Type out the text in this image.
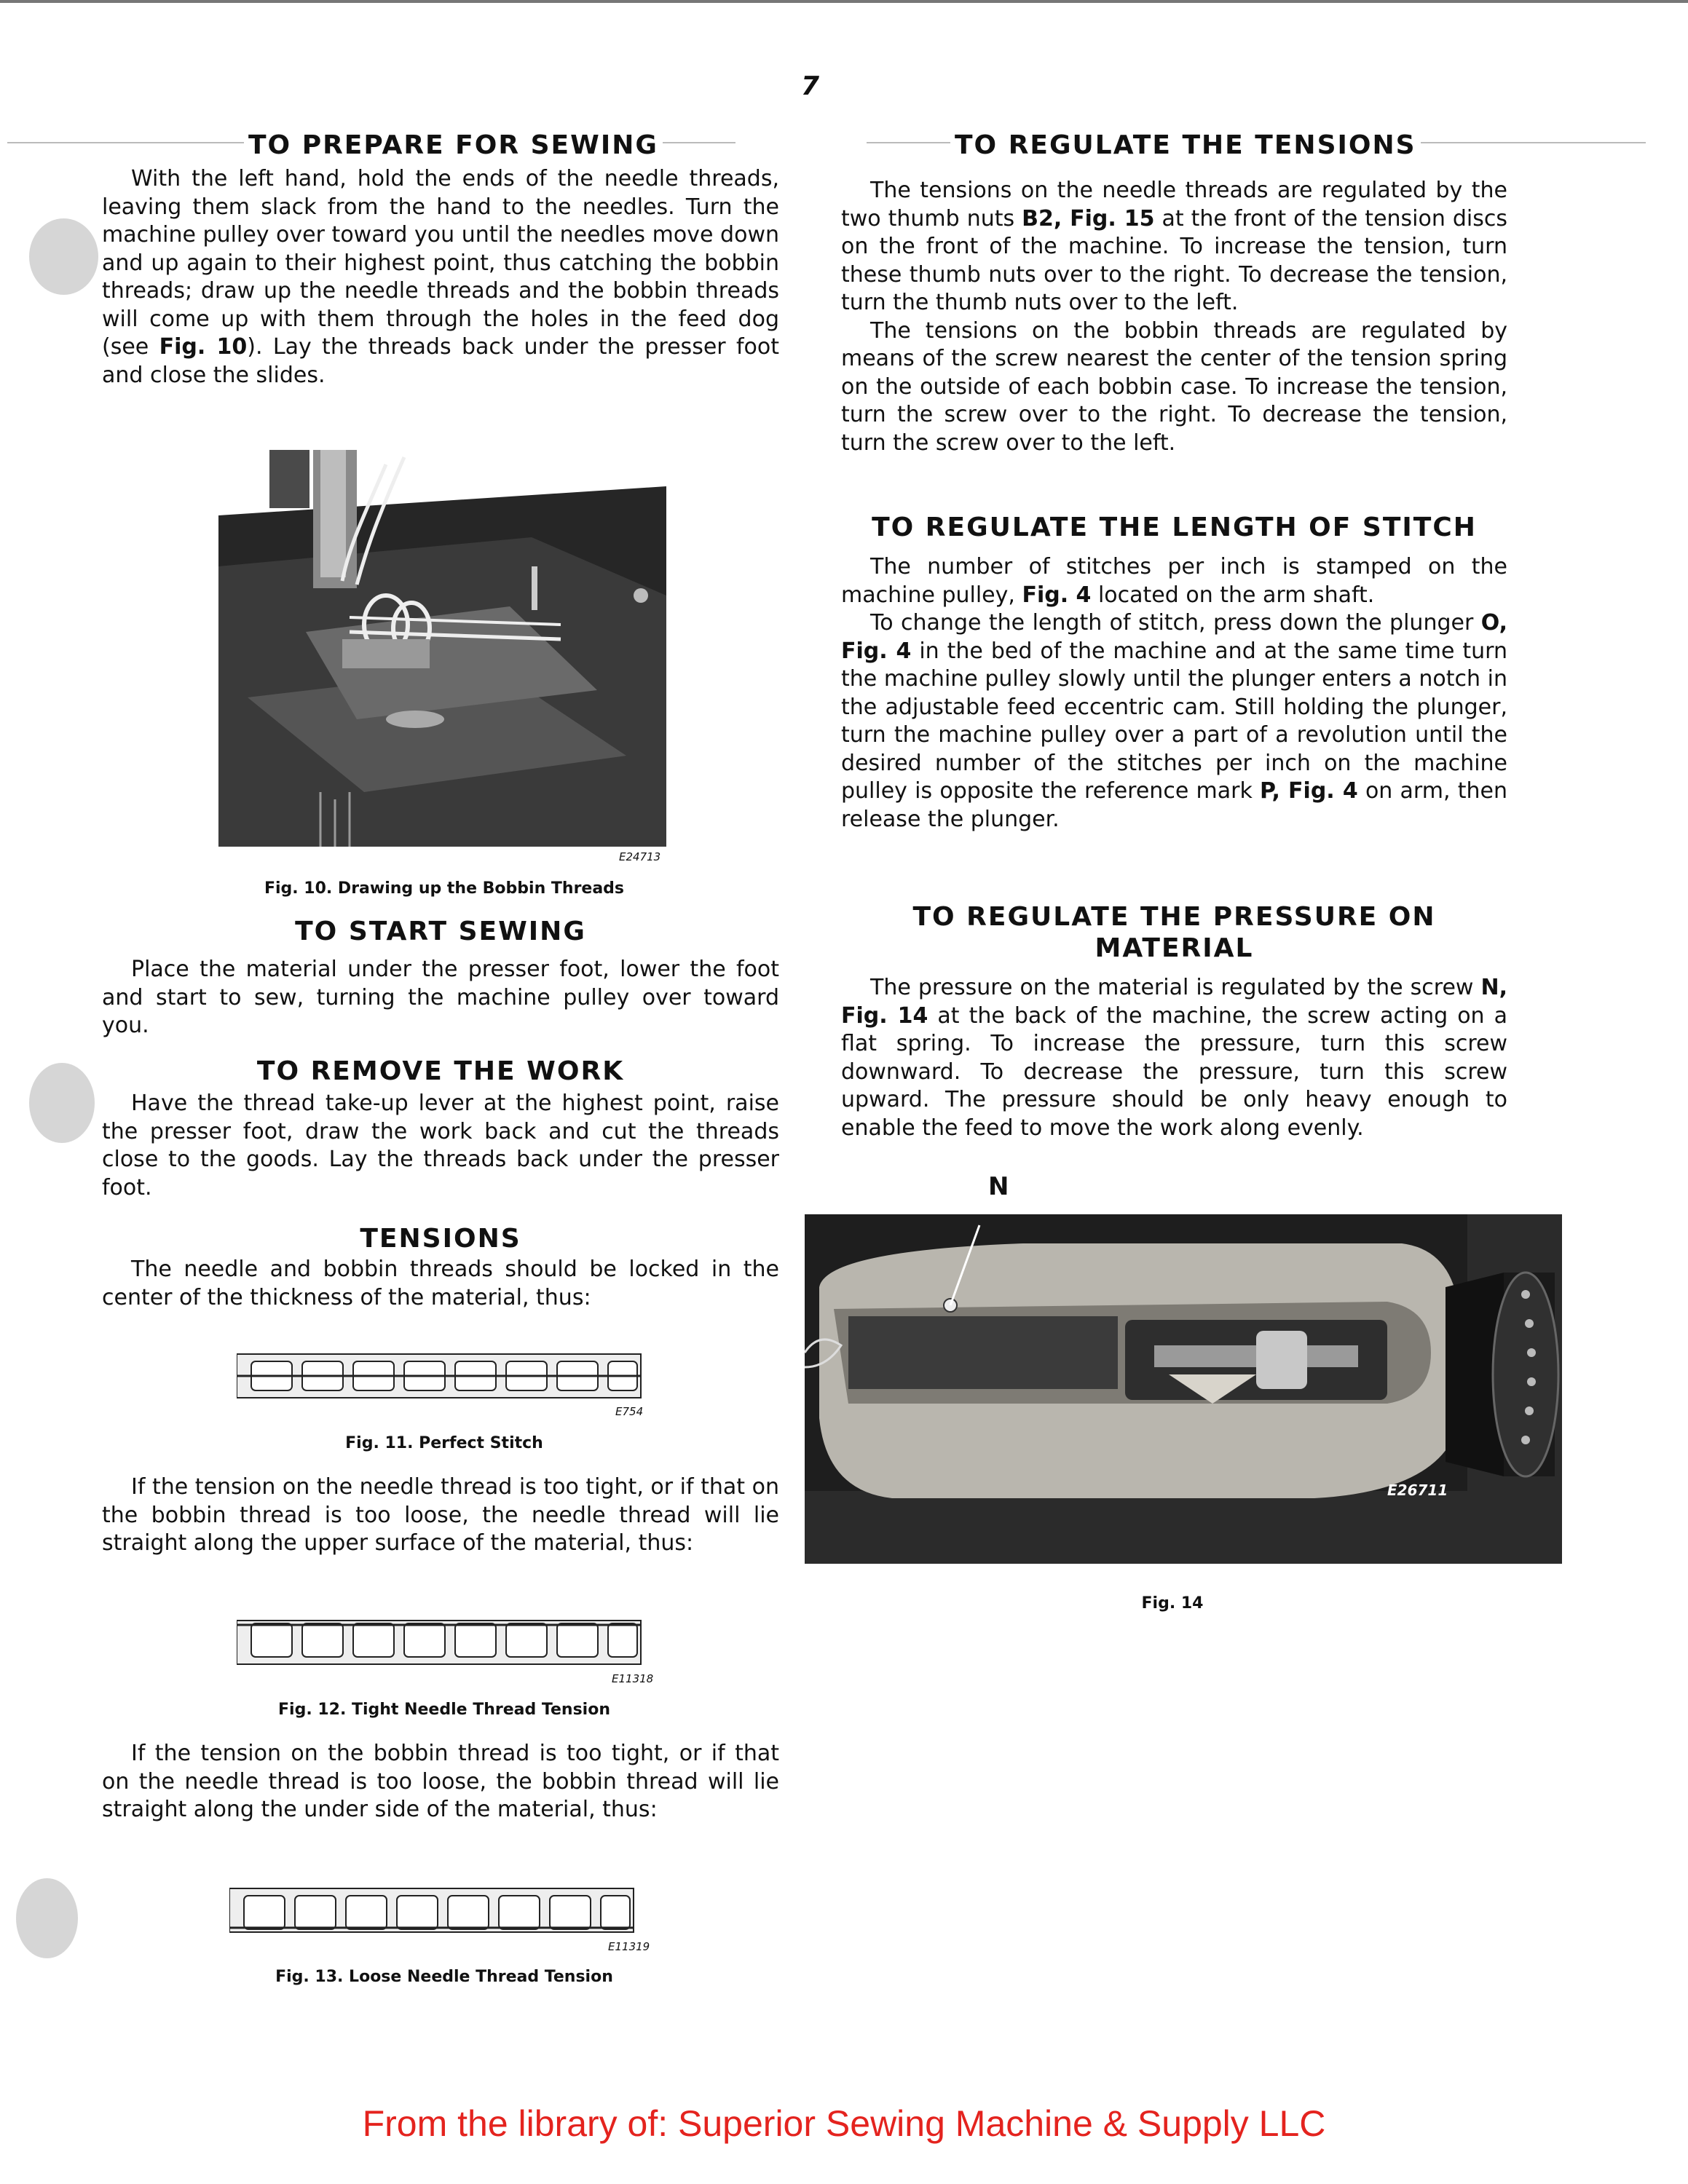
7
TO PREPARE FOR SEWING

With the left hand, hold the ends of the needle threads, leaving them slack from the hand to the needles. Turn the machine pulley over toward you until the needles move down and up again to their highest point, thus catching the bobbin threads; draw up the needle threads and the bobbin threads will come up with them through the holes in the feed dog (see Fig. 10). Lay the threads back under the presser foot and close the slides.

E24713

Fig. 10. Drawing up the Bobbin Threads

TO START SEWING

Place the material under the presser foot, lower the foot and start to sew, turning the machine pulley over toward you.

TO REMOVE THE WORK

Have the thread take-up lever at the highest point, raise the presser foot, draw the work back and cut the threads close to the goods. Lay the threads back under the presser foot.

TENSIONS

The needle and bobbin threads should be locked in the center of the thickness of the material, thus:

E754

Fig. 11. Perfect Stitch

If the tension on the needle thread is too tight, or if that on the bobbin thread is too loose, the needle thread will lie straight along the upper surface of the material, thus:

E11318

Fig. 12. Tight Needle Thread Tension

If the tension on the bobbin thread is too tight, or if that on the needle thread is too loose, the bobbin thread will lie straight along the under side of the material, thus:

E11319

Fig. 13. Loose Needle Thread Tension

TO REGULATE THE TENSIONS

The tensions on the needle threads are regulated by the two thumb nuts B2, Fig. 15 at the front of the tension discs on the front of the machine. To increase the tension, turn these thumb nuts over to the right. To decrease the tension, turn the thumb nuts over to the left.

The tensions on the bobbin threads are regulated by means of the screw nearest the center of the tension spring on the outside of each bobbin case. To increase the tension, turn the screw over to the right. To decrease the tension, turn the screw over to the left.

TO REGULATE THE LENGTH OF STITCH

The number of stitches per inch is stamped on the machine pulley, Fig. 4 located on the arm shaft.

To change the length of stitch, press down the plunger O, Fig. 4 in the bed of the machine and at the same time turn the machine pulley slowly until the plunger enters a notch in the adjustable feed eccentric cam. Still holding the plunger, turn the machine pulley over a part of a revolution until the desired number of the stitches per inch on the machine pulley is opposite the reference mark P, Fig. 4 on arm, then release the plunger.

TO REGULATE THE PRESSURE ON MATERIAL

The pressure on the material is regulated by the screw N, Fig. 14 at the back of the machine, the screw acting on a flat spring. To increase the pressure, turn this screw downward. To decrease the pressure, turn this screw upward. The pressure should be only heavy enough to enable the feed to move the work along evenly.

N
E26711

Fig. 14

From the library of: Superior Sewing Machine & Supply LLC
